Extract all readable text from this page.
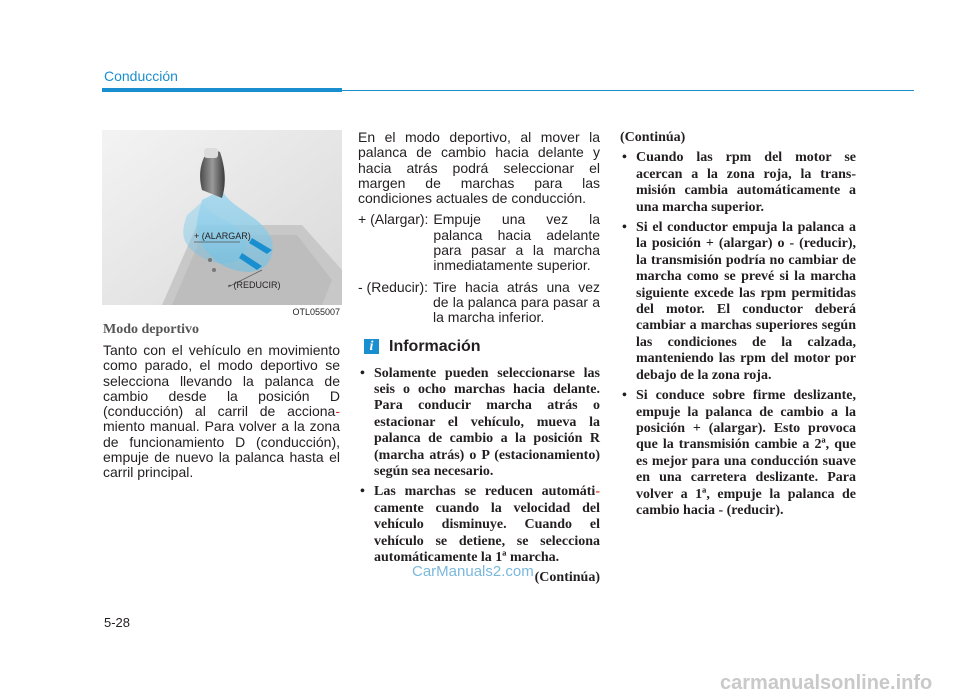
Conducción
+ (ALARGAR)
- (REDUCIR)
OTL055007
Modo deportivo
Tanto con el vehículo en movimiento como parado, el modo deportivo se selecciona llevando la palanca de cambio desde la posición D (conducción) al carril de acciona- miento manual. Para volver a la zona de funcionamiento D (conducción), empuje de nuevo la palanca hasta el carril principal.

En el modo deportivo, al mover la palanca de cambio hacia delante y hacia atrás podrá seleccionar el margen de marchas para las condiciones actuales de conducción.

+ (Alargar): Empuje una vez la palanca hacia adelante para pasar a la marcha inmediatamente superior.
- (Reducir): Tire hacia atrás una vez de la palanca para pasar a la marcha inferior.
i Información
• Solamente pueden seleccionarse las seis o ocho marchas hacia delante. Para conducir marcha atrás o estacionar el vehículo, mueva la palanca de cambio a la posición R (marcha atrás) o P (estacionamiento) según sea necesario.
• Las marchas se reducen automáti-camente cuando la velocidad del vehículo disminuye. Cuando el vehículo se detiene, se selecciona automáticamente la 1ª marcha.
(Continúa)
(Continúa)
• Cuando las rpm del motor se acercan a la zona roja, la trans- misión cambia automáticamente a una marcha superior.
• Si el conductor empuja la palanca a la posición + (alargar) o - (reducir), la transmisión podría no cambiar de marcha como se prevé si la marcha siguiente excede las rpm permitidas del motor. El conductor deberá cambiar a marchas superiores según las condiciones de la calzada, manteniendo las rpm del motor por debajo de la zona roja.
• Si conduce sobre firme deslizante, empuje la palanca de cambio a la posición + (alargar). Esto provoca que la transmisión cambie a 2ª, que es mejor para una conducción suave en una carretera deslizante. Para volver a 1ª, empuje la palanca de cambio hacia - (reducir).
5-28
CarManuals2.com
carmanualsonline.info
